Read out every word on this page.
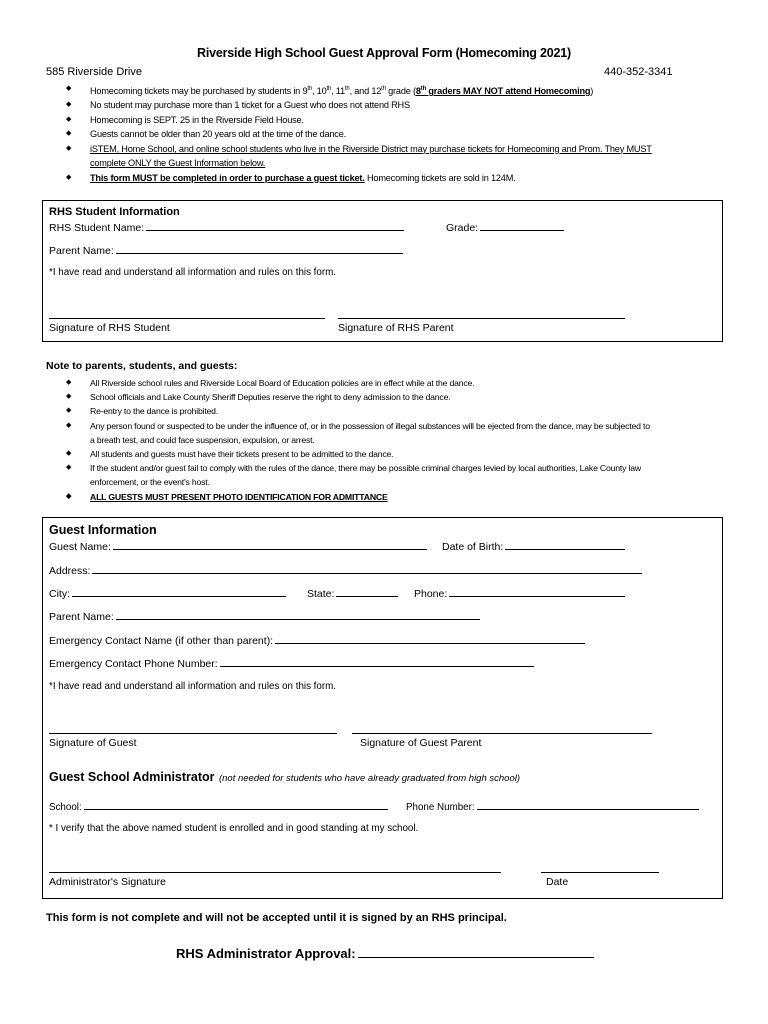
Riverside High School Guest Approval Form (Homecoming 2021)
585 Riverside Drive	440-352-3341
◆ Homecoming tickets may be purchased by students in 9th, 10th, 11th, and 12th grade (8th graders MAY NOT attend Homecoming)
◆ No student may purchase more than 1 ticket for a Guest who does not attend RHS
◆ Homecoming is SEPT. 25 in the Riverside Field House.
◆ Guests cannot be older than 20 years old at the time of the dance.
◆ iSTEM, Home School, and online school students who live in the Riverside District may purchase tickets for Homecoming and Prom. They MUST
complete ONLY the Guest Information below.
◆ This form MUST be completed in order to purchase a guest ticket. Homecoming tickets are sold in 124M.
RHS Student Information
RHS Student Name:	Grade:
Parent Name:
*I have read and understand all information and rules on this form.
Signature of RHS Student	Signature of RHS Parent
Note to parents, students, and guests:
◆ All Riverside school rules and Riverside Local Board of Education policies are in effect while at the dance.
◆ School officials and Lake County Sheriff Deputies reserve the right to deny admission to the dance.
◆ Re-entry to the dance is prohibited.
◆ Any person found or suspected to be under the influence of, or in the possession of illegal substances will be ejected from the dance, may be subjected to
a breath test, and could face suspension, expulsion, or arrest.
◆ All students and guests must have their tickets present to be admitted to the dance.
◆ If the student and/or guest fail to comply with the rules of the dance, there may be possible criminal charges levied by local authorities, Lake County law
enforcement, or the event's host.
◆ ALL GUESTS MUST PRESENT PHOTO IDENTIFICATION FOR ADMITTANCE
Guest Information
Guest Name:	Date of Birth:
Address:
City:	State:	Phone:
Parent Name:
Emergency Contact Name (if other than parent):
Emergency Contact Phone Number:
*I have read and understand all information and rules on this form.
Signature of Guest	Signature of Guest Parent
Guest School Administrator (not needed for students who have already graduated from high school)
School:	Phone Number:
* I verify that the above named student is enrolled and in good standing at my school.
Administrator's Signature	Date
This form is not complete and will not be accepted until it is signed by an RHS principal.
RHS Administrator Approval:
